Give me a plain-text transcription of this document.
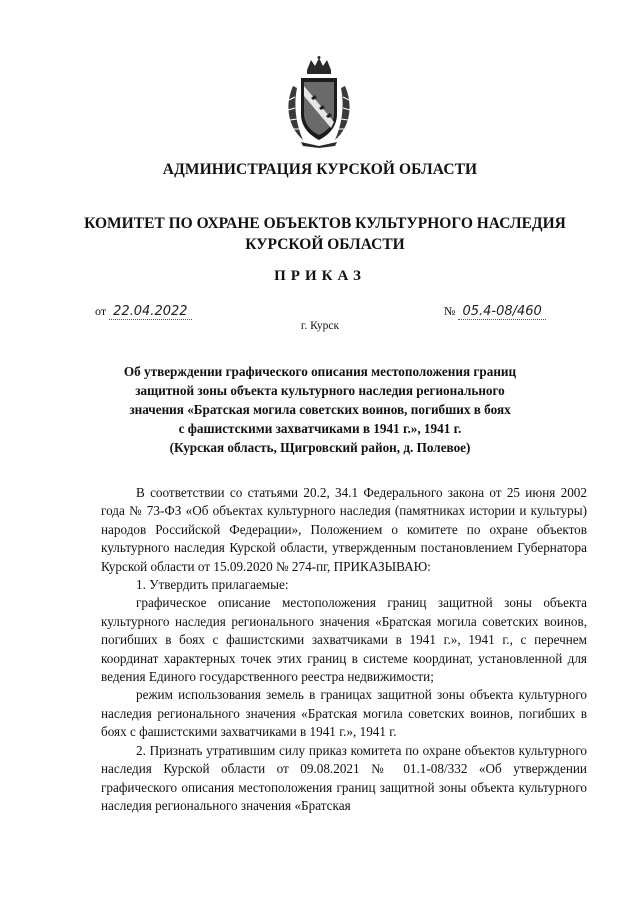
АДМИНИСТРАЦИЯ КУРСКОЙ ОБЛАСТИ
КОМИТЕТ ПО ОХРАНЕ ОБЪЕКТОВ КУЛЬТУРНОГО НАСЛЕДИЯ
КУРСКОЙ ОБЛАСТИ
ПРИКАЗ
от 22.04.2022	№ 05.4-08/460
г. Курск
Об утверждении графического описания местоположения границ
защитной зоны объекта культурного наследия регионального
значения «Братская могила советских воинов, погибших в боях
с фашистскими захватчиками в 1941 г.», 1941 г.
(Курская область, Щигровский район, д. Полевое)

В соответствии со статьями 20.2, 34.1 Федерального закона от 25 июня 2002 года № 73-ФЗ «Об объектах культурного наследия (памятниках истории и культуры) народов Российской Федерации», Положением о комитете по охране объектов культурного наследия Курской области, утвержденным постановлением Губернатора Курской области от 15.09.2020 № 274-пг, ПРИКАЗЫВАЮ:

1. Утвердить прилагаемые:

графическое описание местоположения границ защитной зоны объекта культурного наследия регионального значения «Братская могила советских воинов, погибших в боях с фашистскими захватчиками в 1941 г.», 1941 г., с перечнем координат характерных точек этих границ в системе координат, установленной для ведения Единого государственного реестра недвижимости;

режим использования земель в границах защитной зоны объекта культурного наследия регионального значения «Братская могила советских воинов, погибших в боях с фашистскими захватчиками в 1941 г.», 1941 г.

2. Признать утратившим силу приказ комитета по охране объектов культурного наследия Курской области от 09.08.2021 № 01.1-08/332 «Об утверждении графического описания местоположения границ защитной зоны объекта культурного наследия регионального значения «Братская
